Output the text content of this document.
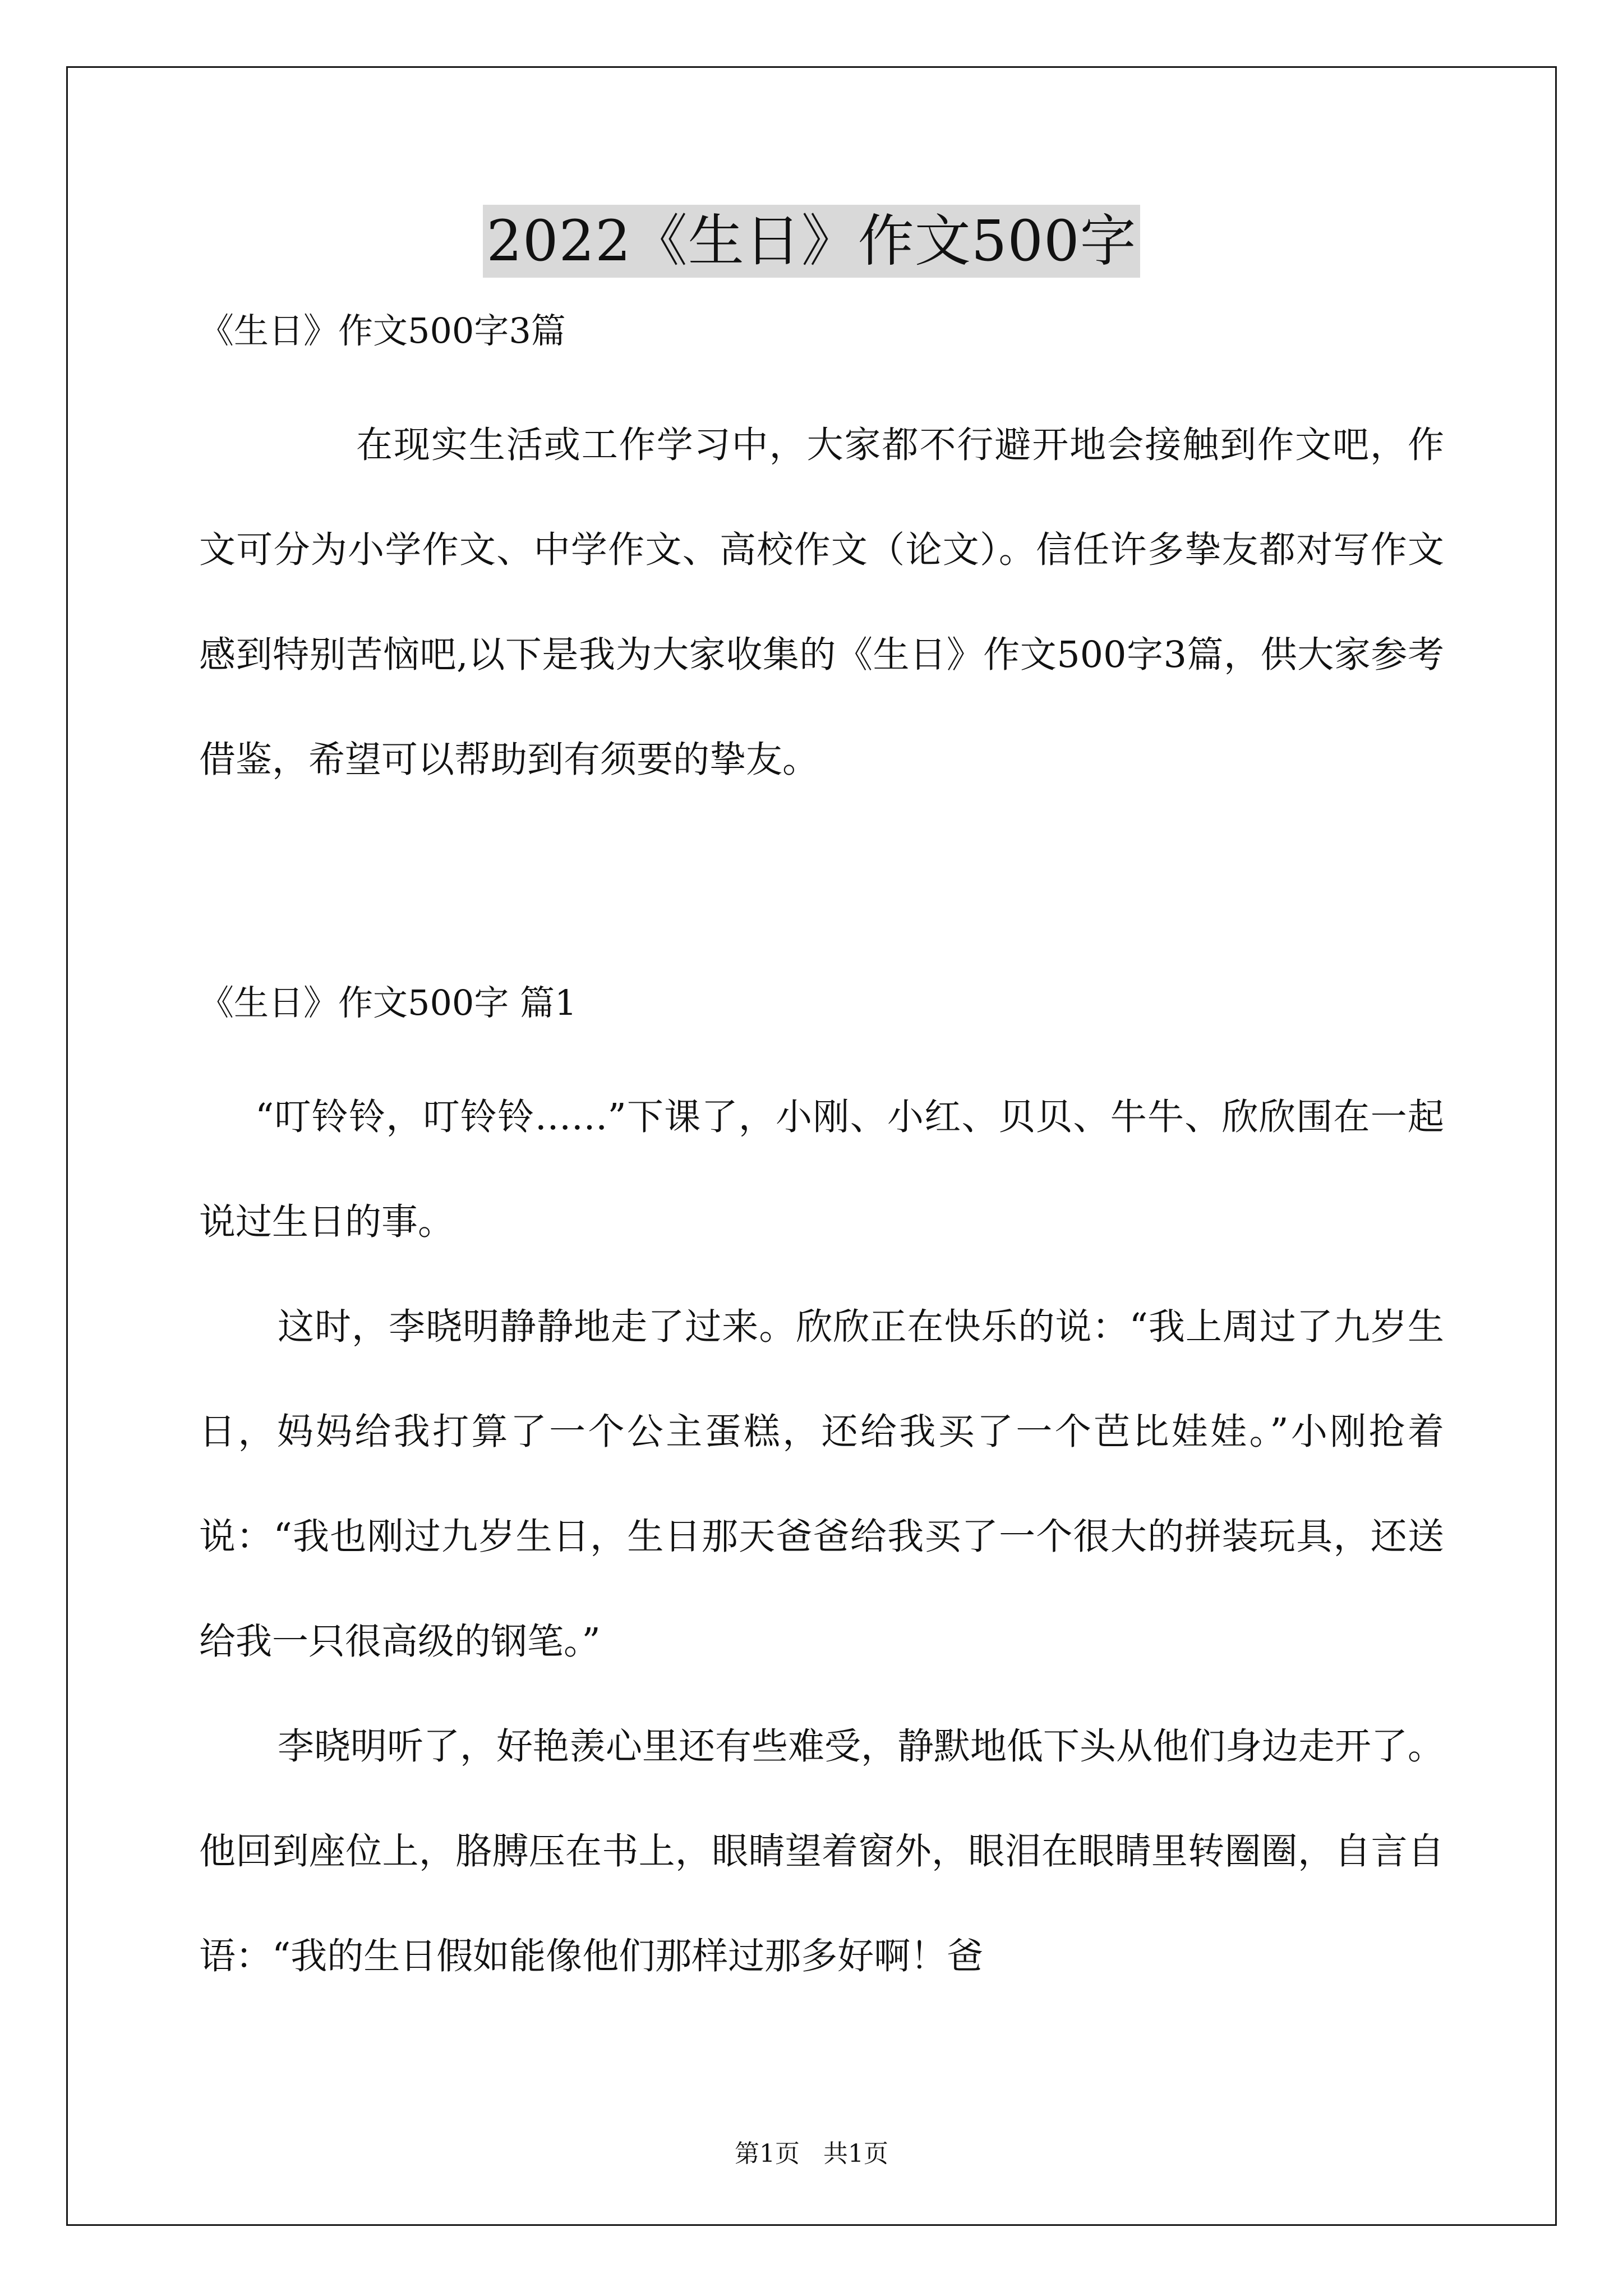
2022《生日》作文500字

《生日》作文500字3篇

在现实生活或工作学习中，大家都不行避开地会接触到作文吧，作文可分为小学作文、中学作文、高校作文（论文）。信任许多挚友都对写作文感到特别苦恼吧,以下是我为大家收集的《生日》作文500字3篇，供大家参考借鉴，希望可以帮助到有须要的挚友。

《生日》作文500字 篇1

“叮铃铃，叮铃铃……”下课了，小刚、小红、贝贝、牛牛、欣欣围在一起说过生日的事。

这时，李晓明静静地走了过来。欣欣正在快乐的说：“我上周过了九岁生日，妈妈给我打算了一个公主蛋糕，还给我买了一个芭比娃娃。”小刚抢着说：“我也刚过九岁生日，生日那天爸爸给我买了一个很大的拼装玩具，还送给我一只很高级的钢笔。”

李晓明听了，好艳羡心里还有些难受，静默地低下头从他们身边走开了。他回到座位上，胳膊压在书上，眼睛望着窗外，眼泪在眼睛里转圈圈，自言自语：“我的生日假如能像他们那样过那多好啊！爸

第1页   共1页
